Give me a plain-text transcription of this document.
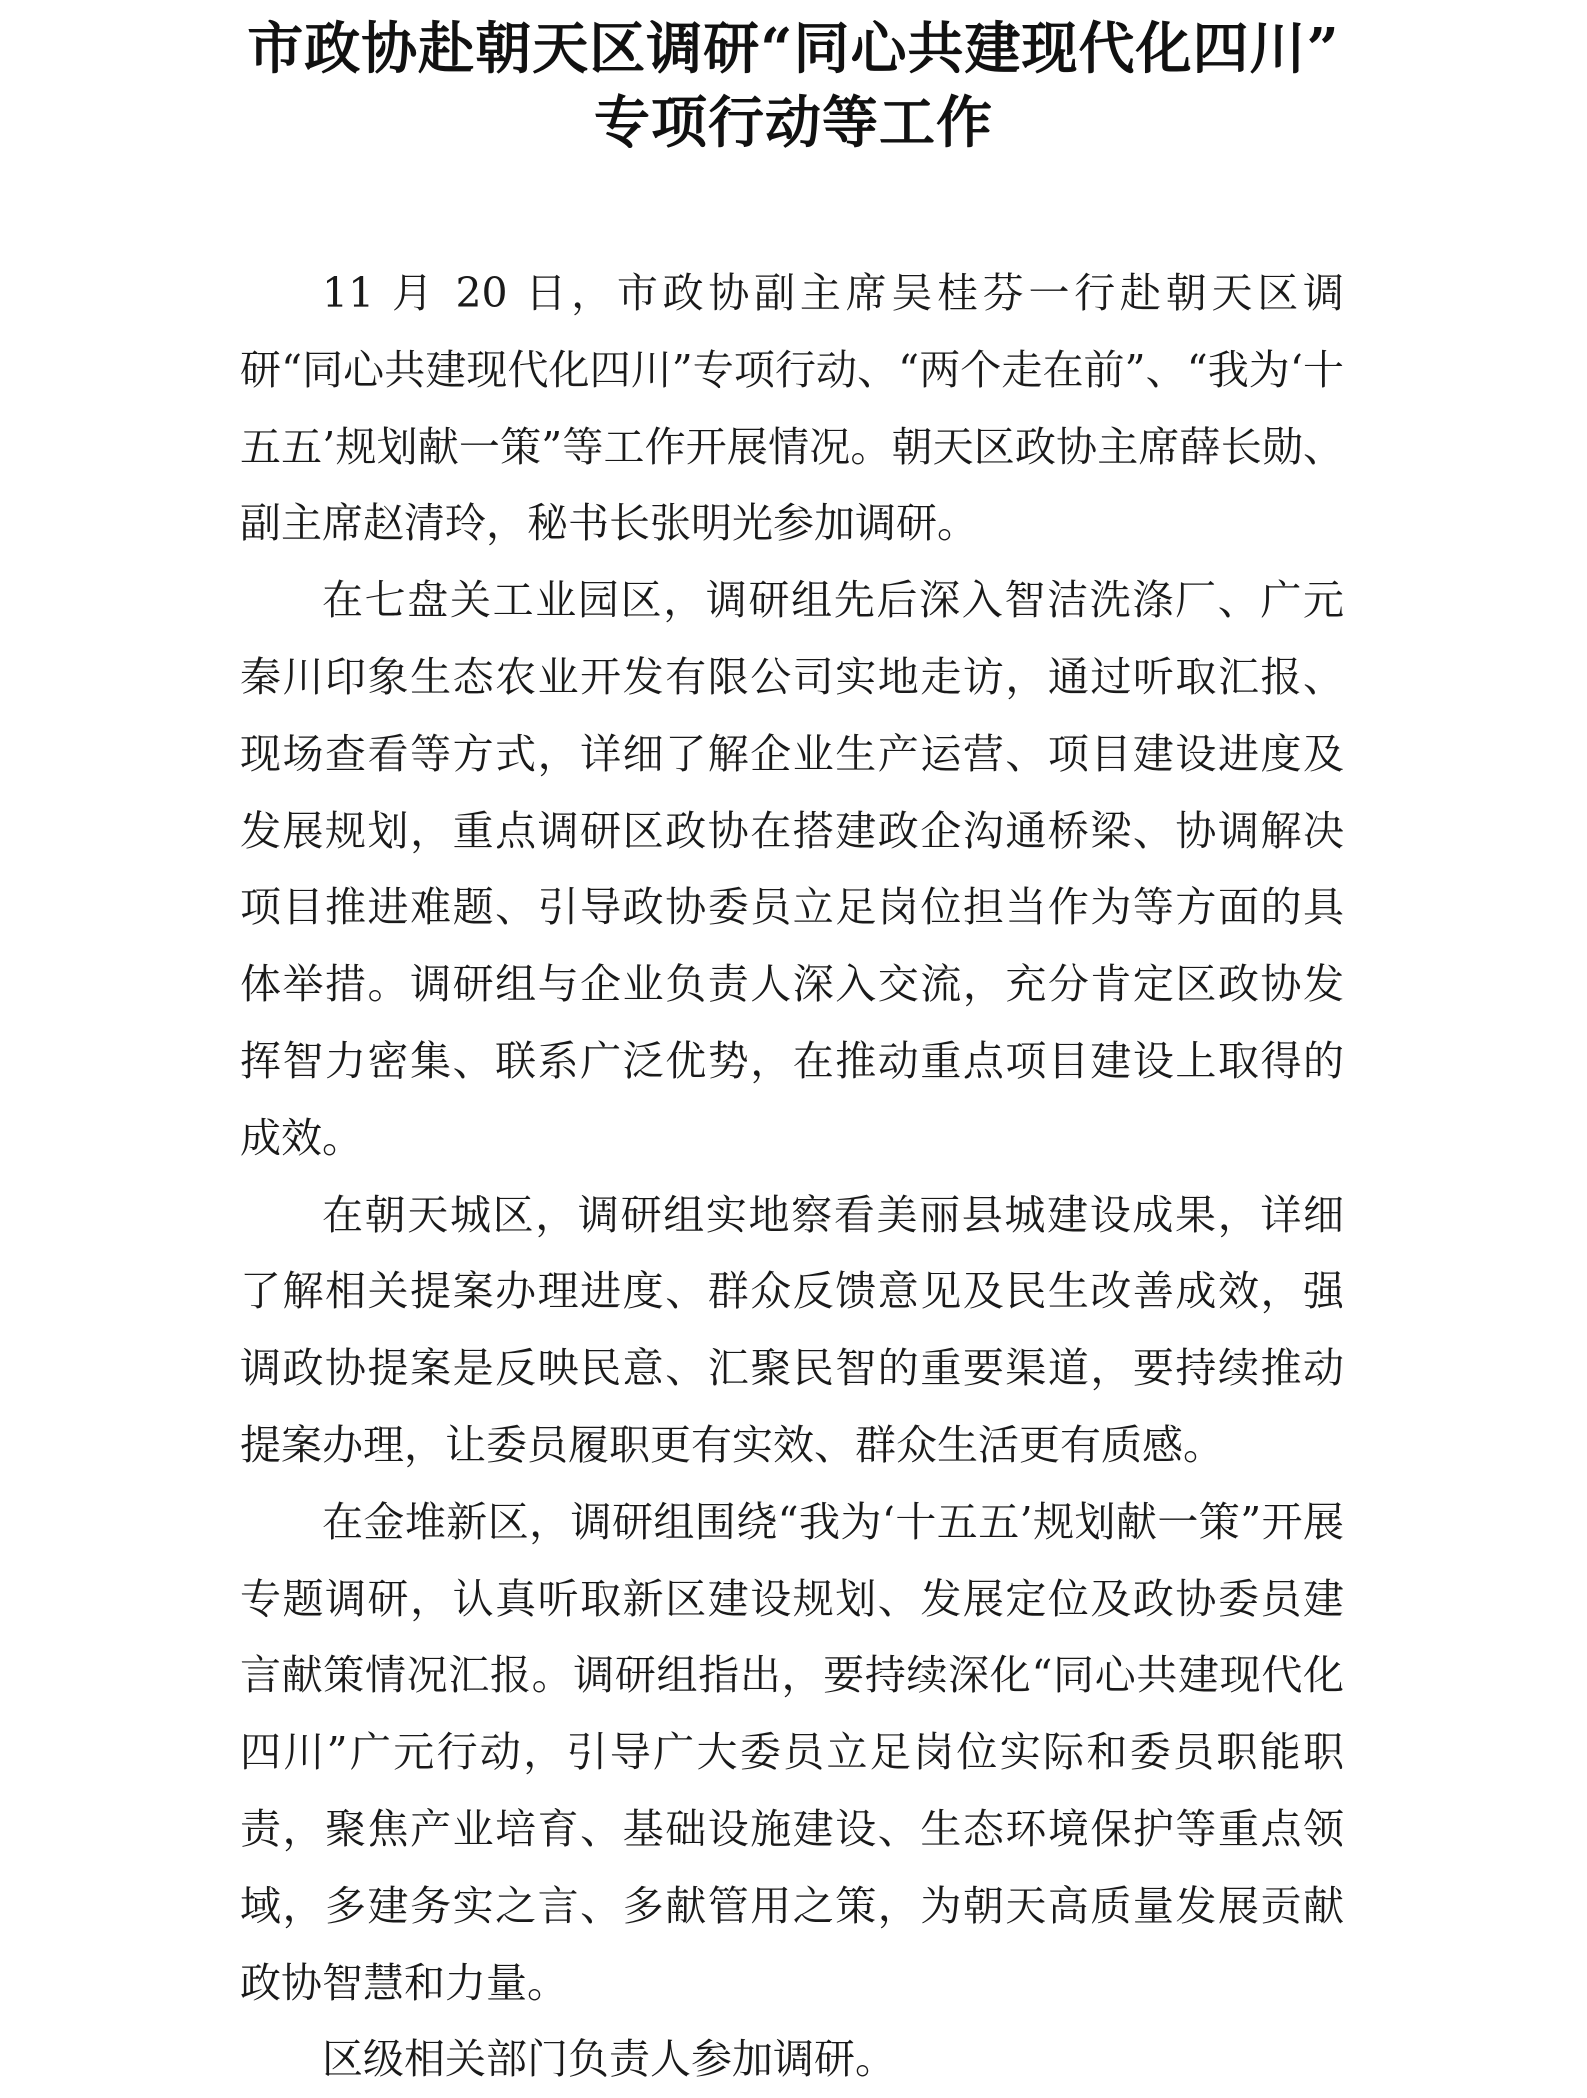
市政协赴朝天区调研“同心共建现代化四川”
专项行动等工作

11 月 20 日，市政协副主席吴桂芬一行赴朝天区调研“同心共建现代化四川”专项行动、“两个走在前”、“我为‘十五五’规划献一策”等工作开展情况。朝天区政协主席薛长勋、副主席赵清玲，秘书长张明光参加调研。

在七盘关工业园区，调研组先后深入智洁洗涤厂、广元秦川印象生态农业开发有限公司实地走访，通过听取汇报、现场查看等方式，详细了解企业生产运营、项目建设进度及发展规划，重点调研区政协在搭建政企沟通桥梁、协调解决项目推进难题、引导政协委员立足岗位担当作为等方面的具体举措。调研组与企业负责人深入交流，充分肯定区政协发挥智力密集、联系广泛优势，在推动重点项目建设上取得的成效。

在朝天城区，调研组实地察看美丽县城建设成果，详细了解相关提案办理进度、群众反馈意见及民生改善成效，强调政协提案是反映民意、汇聚民智的重要渠道，要持续推动提案办理，让委员履职更有实效、群众生活更有质感。

在金堆新区，调研组围绕“我为‘十五五’规划献一策”开展专题调研，认真听取新区建设规划、发展定位及政协委员建言献策情况汇报。调研组指出，要持续深化“同心共建现代化四川”广元行动，引导广大委员立足岗位实际和委员职能职责，聚焦产业培育、基础设施建设、生态环境保护等重点领域，多建务实之言、多献管用之策，为朝天高质量发展贡献政协智慧和力量。

区级相关部门负责人参加调研。
